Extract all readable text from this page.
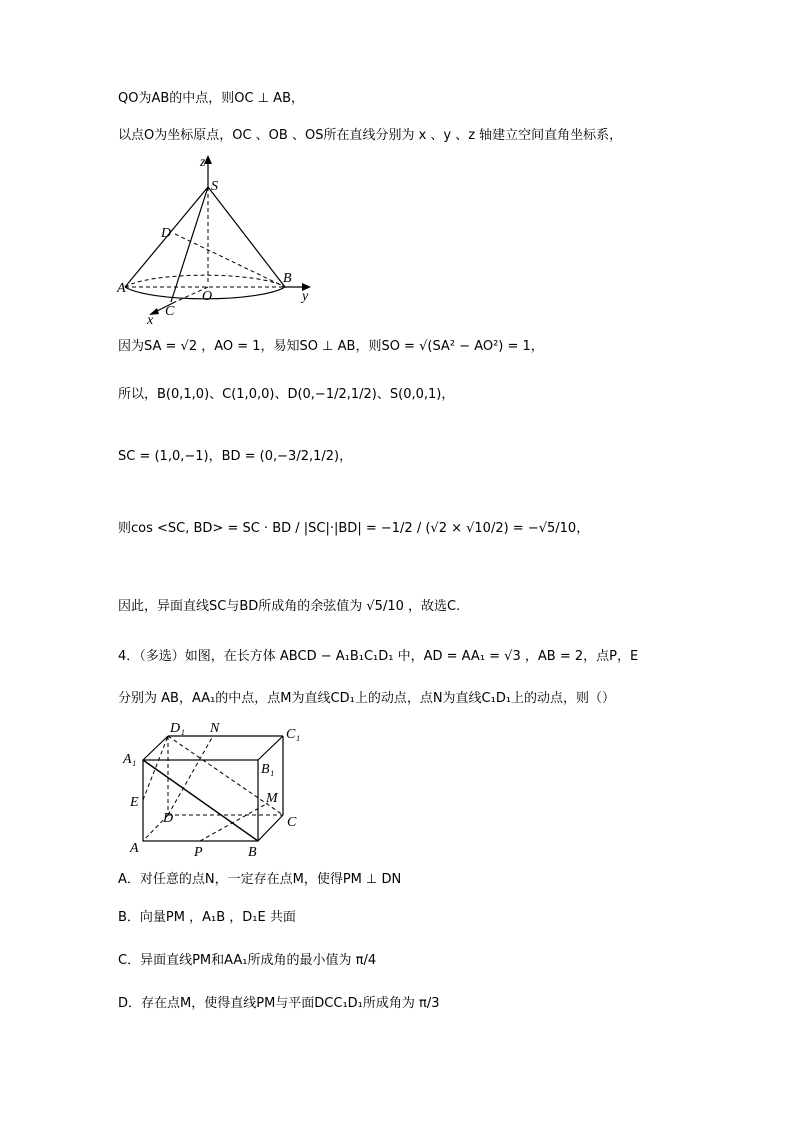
QO为AB的中点，则OC ⊥ AB，
以点O为坐标原点，OC 、OB 、OS所在直线分别为 x 、y 、z 轴建立空间直角坐标系，
z
S
D
A
O
B
y
C
x
因为SA = √2 ，AO = 1，易知SO ⊥ AB，则SO = √(SA² − AO²) = 1，
所以，B(0,1,0)、C(1,0,0)、D(0,−1/2,1/2)、S(0,0,1)，
SC = (1,0,−1)，BD = (0,−3/2,1/2)，
则cos <SC, BD> = SC · BD / |SC|·|BD| = −1/2 / (√2 × √10/2) = −√5/10，
因此，异面直线SC与BD所成角的余弦值为 √5/10 ，故选C.
4．（多选）如图，在长方体 ABCD − A₁B₁C₁D₁ 中，AD = AA₁ = √3 ，AB = 2，点P，E
分别为 AB，AA₁的中点，点M为直线CD₁上的动点，点N为直线C₁D₁上的动点，则（）
D₁ N	C₁
A₁
B₁
E	M
D	C
A	P	B
A．对任意的点N，一定存在点M，使得PM ⊥ DN
B．向量PM ，A₁B ，D₁E 共面
C．异面直线PM和AA₁所成角的最小值为 π/4
D．存在点M，使得直线PM与平面DCC₁D₁所成角为 π/3
